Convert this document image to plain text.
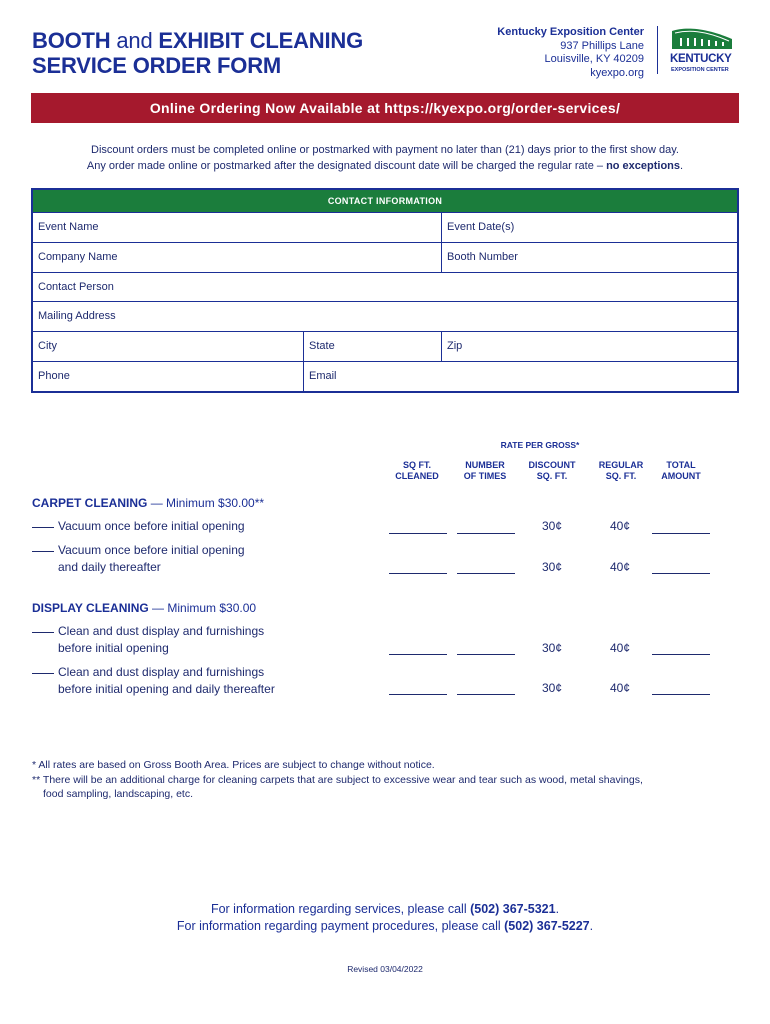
BOOTH and EXHIBIT CLEANING
SERVICE ORDER FORM
Kentucky Exposition Center
937 Phillips Lane
Louisville, KY 40209
kyexpo.org
KENTUCKY
EXPOSITION CENTER
Online Ordering Now Available at https://kyexpo.org/order-services/
Discount orders must be completed online or postmarked with payment no later than (21) days prior to the first show day.
Any order made online or postmarked after the designated discount date will be charged the regular rate – no exceptions.
CONTACT INFORMATION
Event Name	Event Date(s)
Company Name	Booth Number
Contact Person
Mailing Address
City	State	Zip
Phone	Email
RATE PER GROSS*
SQ FT.
CLEANED
NUMBER
OF TIMES
DISCOUNT
SQ. FT.
REGULAR
SQ. FT.
TOTAL
AMOUNT
CARPET CLEANING — Minimum $30.00**
Vacuum once before initial opening	30¢	40¢
Vacuum once before initial opening
and daily thereafter	30¢	40¢
DISPLAY CLEANING — Minimum $30.00
Clean and dust display and furnishings
before initial opening	30¢	40¢
Clean and dust display and furnishings
before initial opening and daily thereafter	30¢	40¢
* All rates are based on Gross Booth Area. Prices are subject to change without notice.
** There will be an additional charge for cleaning carpets that are subject to excessive wear and tear such as wood, metal shavings,
food sampling, landscaping, etc.
For information regarding services, please call (502) 367-5321.
For information regarding payment procedures, please call (502) 367-5227.
Revised 03/04/2022
